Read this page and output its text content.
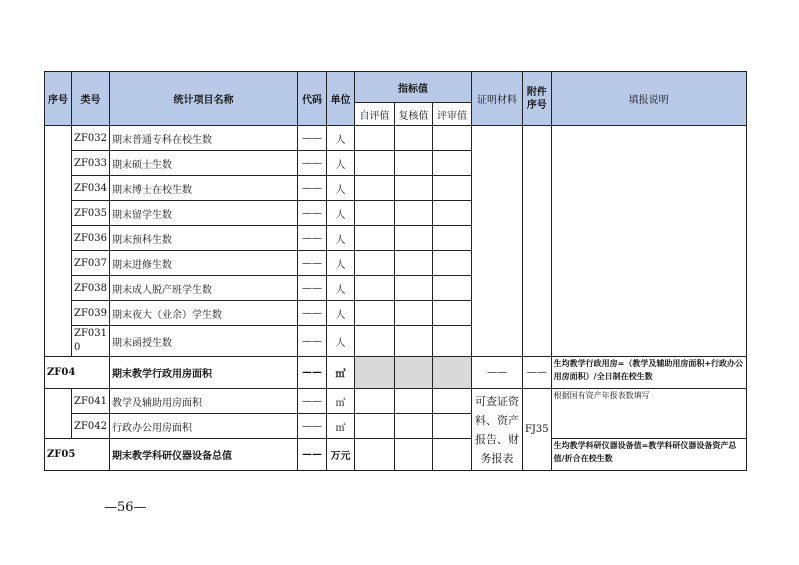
序号	类号	统计项目名称	代码	单位	指标值			证明材料	附件序号	填报说明
					自评值	复核值	评审值			
	ZF032	期末普通专科在校生数	——	人						
	ZF033	期末硕士生数	——	人						
	ZF034	期末博士在校生数	——	人						
	ZF035	期末留学生数	——	人						
	ZF036	期末预科生数	——	人						
	ZF037	期末进修生数	——	人						
	ZF038	期末成人脱产班学生数	——	人						
	ZF039	期末夜大（业余）学生数	——	人						
	ZF0310	期末函授生数	——	人						
ZF04		期末教学行政用房面积	——	㎡				——	——	生均教学行政用房=（教学及辅助用房面积+行政办公用房面积）/全日制在校生数
	ZF041	教学及辅助用房面积	——	㎡				可查证资料、资产报告、财务报表	FJ35	根据国有资产年报表数填写
	ZF042	行政办公用房面积	——	㎡						
ZF05		期末教学科研仪器设备总值	——	万元						生均教学科研仪器设备值=教学科研仪器设备资产总值/折合在校生数
—56—
